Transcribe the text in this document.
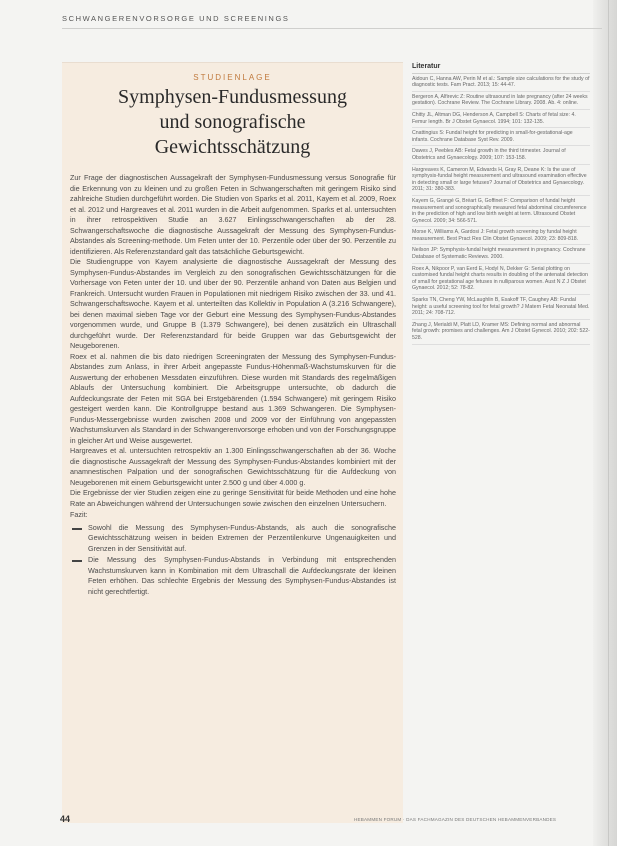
SCHWANGERENVORSORGE UND SCREENINGS
STUDIENLAGE
Symphysen-Fundusmessung
und sonografische
Gewichtsschätzung

Zur Frage der diagnostischen Aussagekraft der Symphysen-Fundusmessung versus Sonografie für die Erkennung von zu kleinen und zu großen Feten in Schwangerschaften mit geringem Risiko sind zahlreiche Studien durchgeführt worden. Die Studien von Sparks et al. 2011, Kayem et al. 2009, Roex et al. 2012 und Hargreaves et al. 2011 wurden in die Arbeit aufgenommen. Sparks et al. untersuchten in ihrer retrospektiven Studie an 3.627 Einlingsschwangerschaften ab der 28. Schwangerschaftswoche die diagnostische Aussagekraft der Messung des Symphysen-Fundus-Abstandes als Screening-methode. Um Feten unter der 10. Perzentile oder über der 90. Perzentile zu identifizieren. Als Referenzstandard galt das tatsächliche Geburtsgewicht.

Die Studiengruppe von Kayem analysierte die diagnostische Aussagekraft der Messung des Symphysen-Fundus-Abstandes im Vergleich zu den sonografischen Gewichtsschätzungen für die Vorhersage von Feten unter der 10. und über der 90. Perzentile anhand von Daten aus Belgien und Frankreich. Untersucht wurden Frauen in Populationen mit niedrigem Risiko zwischen der 33. und 41. Schwangerschaftswoche. Kayem et al. unterteilten das Kollektiv in Population A (3.216 Schwangere), bei denen maximal sieben Tage vor der Geburt eine Messung des Symphysen-Fundus-Abstandes vorgenommen wurde, und Gruppe B (1.379 Schwangere), bei denen zusätzlich ein Ultraschall durchgeführt wurde. Der Referenzstandard für beide Gruppen war das Geburtsgewicht der Neugeborenen.

Roex et al. nahmen die bis dato niedrigen Screeningraten der Messung des Symphysen-Fundus-Abstandes zum Anlass, in ihrer Arbeit angepasste Fundus-Höhenmaß-Wachstumskurven für die Auswertung der erhobenen Messdaten einzuführen. Diese wurden mit Standards des regelmäßigen Ablaufs der Untersuchung kombiniert. Die Arbeitsgruppe untersuchte, ob dadurch die Aufdeckungsrate der Feten mit SGA bei Erstgebärenden (1.594 Schwangere) mit geringem Risiko gesteigert werden kann. Die Kontrollgruppe bestand aus 1.369 Schwangeren. Die Symphysen-Fundus-Messergebnisse wurden zwischen 2008 und 2009 vor der Einführung von angepassten Wachstumskurven als Standard in der Schwangerenvorsorge erhoben und von der Forschungsgruppe in gleicher Art und Weise ausgewertet.

Hargreaves et al. untersuchten retrospektiv an 1.300 Einlingsschwangerschaften ab der 36. Woche die diagnostische Aussagekraft der Messung des Symphysen-Fundus-Abstandes kombiniert mit der anamnestischen Palpation und der sonografischen Gewichtsschätzung für die Aufdeckung von Neugeborenen mit einem Geburtsgewicht unter 2.500 g und über 4.000 g.

Die Ergebnisse der vier Studien zeigen eine zu geringe Sensitivität für beide Methoden und eine hohe Rate an Abweichungen während der Untersuchungen sowie zwischen den einzelnen Untersuchern.

Fazit:

Sowohl die Messung des Symphysen-Fundus-Abstands, als auch die sonografische Gewichtsschätzung weisen in beiden Extremen der Perzentilenkurve Ungenauigkeiten und Grenzen in der Sensitivität auf.
Die Messung des Symphysen-Fundus-Abstands in Verbindung mit entsprechenden Wachstumskurven kann in Kombination mit dem Ultraschall die Aufdeckungsrate der kleinen Feten erhöhen. Das schlechte Ergebnis der Messung des Symphysen-Fundus-Abstandes ist nicht gerechtfertigt.
Literatur
Aidoun C, Hanna AW, Perin M et al.: Sample size calculations for the study of diagnostic tests. Fam Pract. 2013; 15: 44-47.
Bergeron A, Alfirevic Z: Routine ultrasound in late pregnancy (after 24 weeks gestation). Cochrane Review. The Cochrane Library. 2008. Ab. 4: online.
Chitty JL, Altman DG, Henderson A, Campbell S: Charts of fetal size: 4. Femur length. Br J Obstet Gynaecol. 1994; 101: 132-135.
Cnattingius S: Fundal height for predicting in small-for-gestational-age infants. Cochrane Database Syst Rev. 2009.
Dawes J, Peebles AB: Fetal growth in the third trimester. Journal of Obstetrics and Gynaecology. 2009; 107: 153-158.
Hargreaves K, Cameron M, Edwards H, Gray R, Deane K: Is the use of symphysis-fundal height measurement and ultrasound examination effective in detecting small or large fetuses? Journal of Obstetrics and Gynaecology. 2011; 31: 380-383.
Kayem G, Grangé G, Bréart G, Goffinet F: Comparison of fundal height measurement and sonographically measured fetal abdominal circumference in the prediction of high and low birth weight at term. Ultrasound Obstet Gynecol. 2009; 34: 566-571.
Morse K, Williams A, Gardosi J: Fetal growth screening by fundal height measurement. Best Pract Res Clin Obstet Gynaecol. 2009; 23: 809-818.
Neilson JP: Symphysis-fundal height measurement in pregnancy. Cochrane Database of Systematic Reviews. 2000.
Roex A, Nikpoor P, van Eerd E, Hodyl N, Dekker G: Serial plotting on customised fundal height charts results in doubling of the antenatal detection of small for gestational age fetuses in nulliparous women. Aust N Z J Obstet Gynaecol. 2012; 52: 78-82.
Sparks TN, Cheng YW, McLaughlin B, Esakoff TF, Caughey AB: Fundal height: a useful screening tool for fetal growth? J Matern Fetal Neonatal Med. 2011; 24: 708-712.
Zhang J, Merialdi M, Platt LD, Kramer MS: Defining normal and abnormal fetal growth: promises and challenges. Am J Obstet Gynecol. 2010; 202: 522-528.
44	HEBAMMEN FORUM · DAS FACHMAGAZIN DES DEUTSCHEN HEBAMMENVERBANDES
